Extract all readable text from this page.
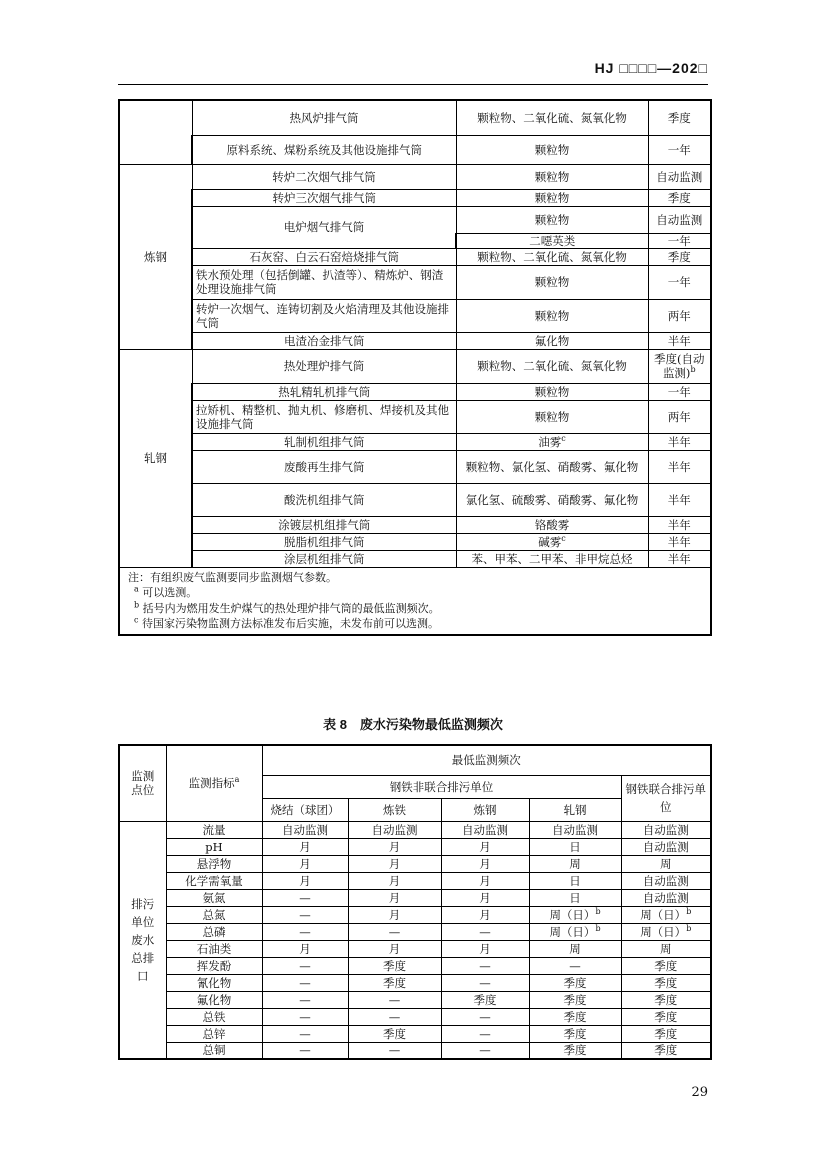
HJ □□□□—202□
	热风炉排气筒	颗粒物、二氧化硫、氮氧化物	季度
	原料系统、煤粉系统及其他设施排气筒	颗粒物	一年
炼钢	转炉二次烟气排气筒	颗粒物	自动监测
	转炉三次烟气排气筒	颗粒物	季度
	电炉烟气排气筒	颗粒物	自动监测
		二噁英类	一年
	石灰窑、白云石窑焙烧排气筒	颗粒物、二氧化硫、氮氧化物	季度
	铁水预处理（包括倒罐、扒渣等）、精炼炉、钢渣处理设施排气筒	颗粒物	一年
	转炉一次烟气、连铸切割及火焰清理及其他设施排气筒	颗粒物	两年
	电渣冶金排气筒	氟化物	半年
轧钢	热处理炉排气筒	颗粒物、二氧化硫、氮氧化物	季度(自动监测)$^b$
	热轧精轧机排气筒	颗粒物	一年
	拉矫机、精整机、抛丸机、修磨机、焊接机及其他设施排气筒	颗粒物	两年
	轧制机组排气筒	油雾$^c$	半年
	废酸再生排气筒	颗粒物、氯化氢、硝酸雾、氟化物	半年
	酸洗机组排气筒	氯化氢、硫酸雾、硝酸雾、氟化物	半年
	涂镀层机组排气筒	铬酸雾	半年
	脱脂机组排气筒	碱雾$^c$	半年
	涂层机组排气筒	苯、甲苯、二甲苯、非甲烷总烃	半年

注：有组织废气监测要同步监测烟气参数。
$^a$ 可以选测。
$^b$ 括号内为燃用发生炉煤气的热处理炉排气筒的最低监测频次。
$^c$ 待国家污染物监测方法标准发布后实施，未发布前可以选测。			
表 8　废水污染物最低监测频次
监测点位	监测指标$^a$	最低监测频次				
		钢铁非联合排污单位				钢铁联合排污单位
		烧结（球团）	炼铁	炼钢	轧钢	
排污单位废水总排口	流量	自动监测	自动监测	自动监测	自动监测	自动监测
	pH	月	月	月	日	自动监测
	悬浮物	月	月	月	周	周
	化学需氧量	月	月	月	日	自动监测
	氨氮	—	月	月	日	自动监测
	总氮	—	月	月	周（日）$^b$	周（日）$^b$
	总磷	—	—	—	周（日）$^b$	周（日）$^b$
	石油类	月	月	月	周	周
	挥发酚	—	季度	—	—	季度
	氰化物	—	季度	—	季度	季度
	氟化物	—	—	季度	季度	季度
	总铁	—	—	—	季度	季度
	总锌	—	季度	—	季度	季度
	总铜	—	—	—	季度	季度
29
